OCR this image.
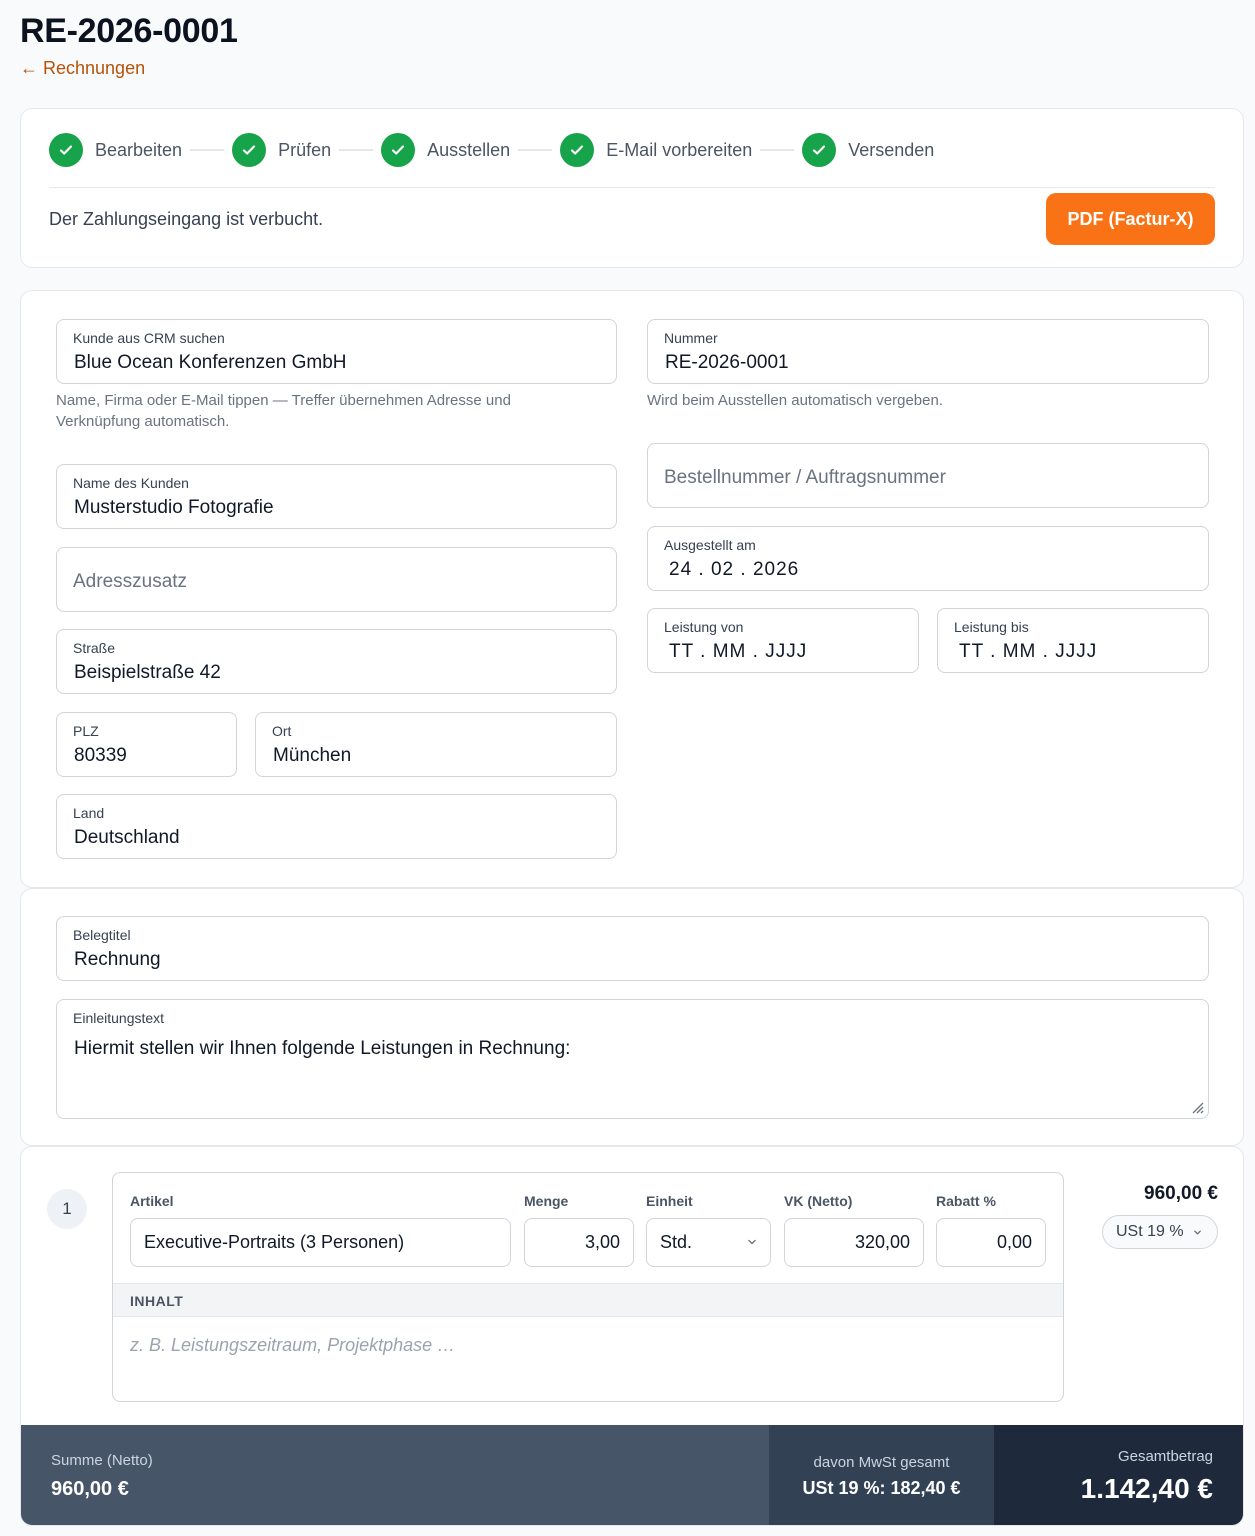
RE-2026-0001
← Rechnungen
Bearbeiten	Prüfen	Ausstellen	E-Mail vorbereiten	Versenden

Der Zahlungseingang ist verbucht.	PDF (Factur-X)
Kunde aus CRM suchen
Blue Ocean Konferenzen GmbH

Name, Firma oder E-Mail tippen — Treffer übernehmen Adresse und Verknüpfung automatisch.

Name des Kunden
Musterstudio Fotografie
Adresszusatz
Straße
Beispielstraße 42
PLZ
80339
Ort
München
Land
Deutschland
Nummer
RE-2026-0001

Wird beim Ausstellen automatisch vergeben.

Bestellnummer / Auftragsnummer
Ausgestellt am
24 . 02 . 2026
Leistung von
TT . MM . JJJJ
Leistung bis
TT . MM . JJJJ
Belegtitel
Rechnung
Einleitungstext
Hiermit stellen wir Ihnen folgende Leistungen in Rechnung:
1	Artikel	Menge	Einheit	VK (Netto)	Rabatt %
Executive-Portraits (3 Personen)	3,00	Std.	320,00	0,00
INHALT
z. B. Leistungszeitraum, Projektphase …
960,00 €
USt 19 %
Summe (Netto)
960,00 €
davon MwSt gesamt
USt 19 %: 182,40 €
Gesamtbetrag
1.142,40 €
